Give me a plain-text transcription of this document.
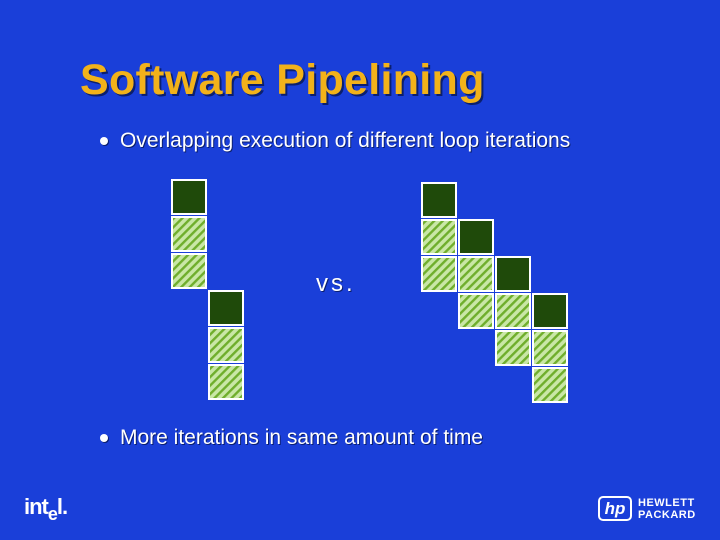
Software Pipelining
Overlapping execution of different loop iterations
vs.
More iterations in same amount of time
int$_e$l.	hp	HEWLETT
PACKARD
